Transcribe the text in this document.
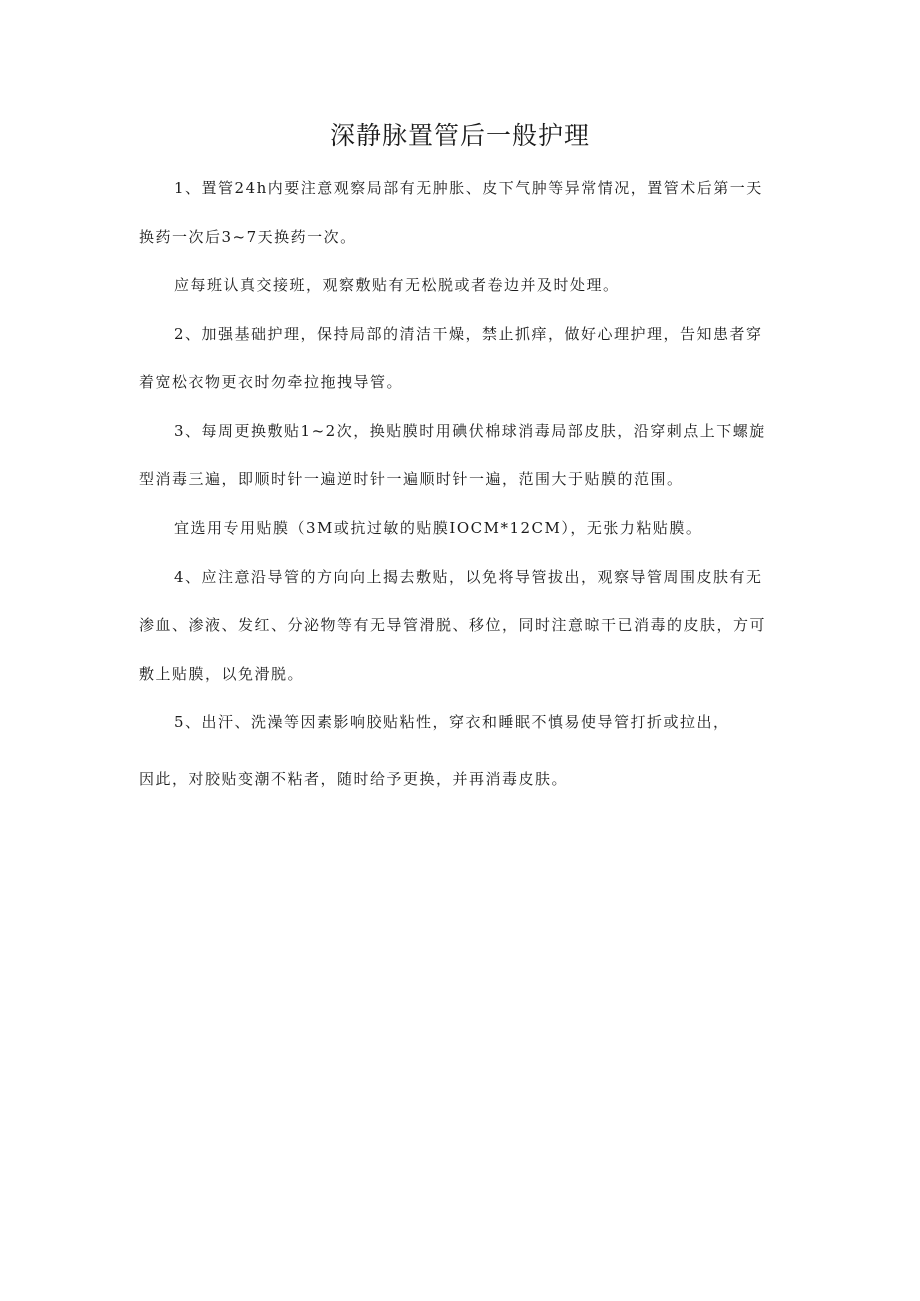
深静脉置管后一般护理
1、置管24h内要注意观察局部有无肿胀、皮下气肿等异常情况，置管术后第一天
换药一次后3~7天换药一次。
应每班认真交接班，观察敷贴有无松脱或者卷边并及时处理。
2、加强基础护理，保持局部的清洁干燥，禁止抓痒，做好心理护理，告知患者穿
着宽松衣物更衣时勿牵拉拖拽导管。
3、每周更换敷贴1~2次，换贴膜时用碘伏棉球消毒局部皮肤，沿穿刺点上下螺旋
型消毒三遍，即顺时针一遍逆时针一遍顺时针一遍，范围大于贴膜的范围。
宜选用专用贴膜（3M或抗过敏的贴膜IOCM*12CM），无张力粘贴膜。
4、应注意沿导管的方向向上揭去敷贴，以免将导管拔出，观察导管周围皮肤有无
渗血、渗液、发红、分泌物等有无导管滑脱、移位，同时注意晾干已消毒的皮肤，方可
敷上贴膜，以免滑脱。
5、出汗、洗澡等因素影响胶贴粘性，穿衣和睡眠不慎易使导管打折或拉出，
因此，对胶贴变潮不粘者，随时给予更换，并再消毒皮肤。
